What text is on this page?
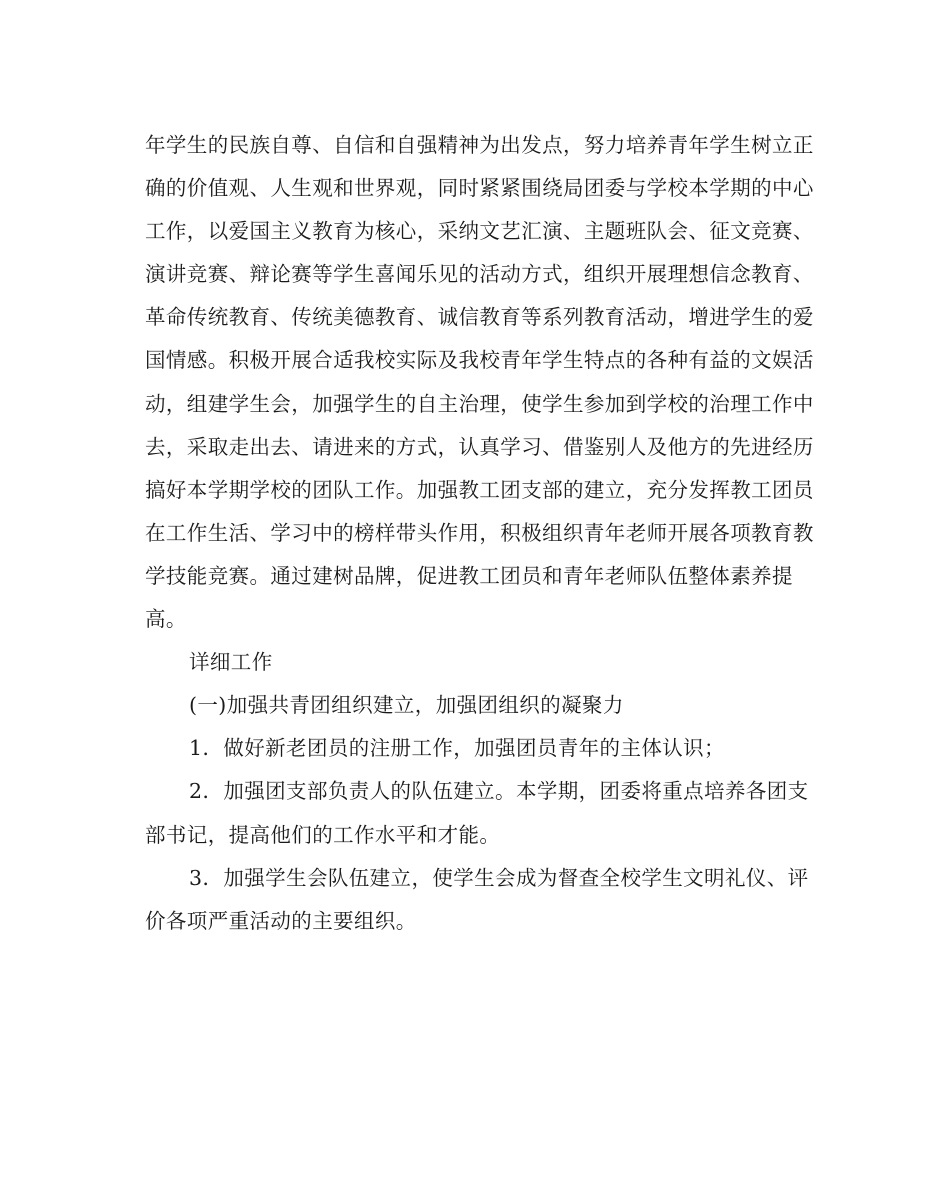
年学生的民族自尊、自信和自强精神为出发点，努力培养青年学生树立正确的价值观、人生观和世界观，同时紧紧围绕局团委与学校本学期的中心工作，以爱国主义教育为核心，采纳文艺汇演、主题班队会、征文竞赛、演讲竞赛、辩论赛等学生喜闻乐见的活动方式，组织开展理想信念教育、革命传统教育、传统美德教育、诚信教育等系列教育活动，增进学生的爱国情感。积极开展合适我校实际及我校青年学生特点的各种有益的文娱活动，组建学生会，加强学生的自主治理，使学生参加到学校的治理工作中去，采取走出去、请进来的方式，认真学习、借鉴别人及他方的先进经历搞好本学期学校的团队工作。加强教工团支部的建立，充分发挥教工团员在工作生活、学习中的榜样带头作用，积极组织青年老师开展各项教育教学技能竞赛。通过建树品牌，促进教工团员和青年老师队伍整体素养提高。

详细工作

(一)加强共青团组织建立，加强团组织的凝聚力

1．做好新老团员的注册工作，加强团员青年的主体认识；

2．加强团支部负责人的队伍建立。本学期，团委将重点培养各团支部书记，提高他们的工作水平和才能。

3．加强学生会队伍建立，使学生会成为督查全校学生文明礼仪、评价各项严重活动的主要组织。
